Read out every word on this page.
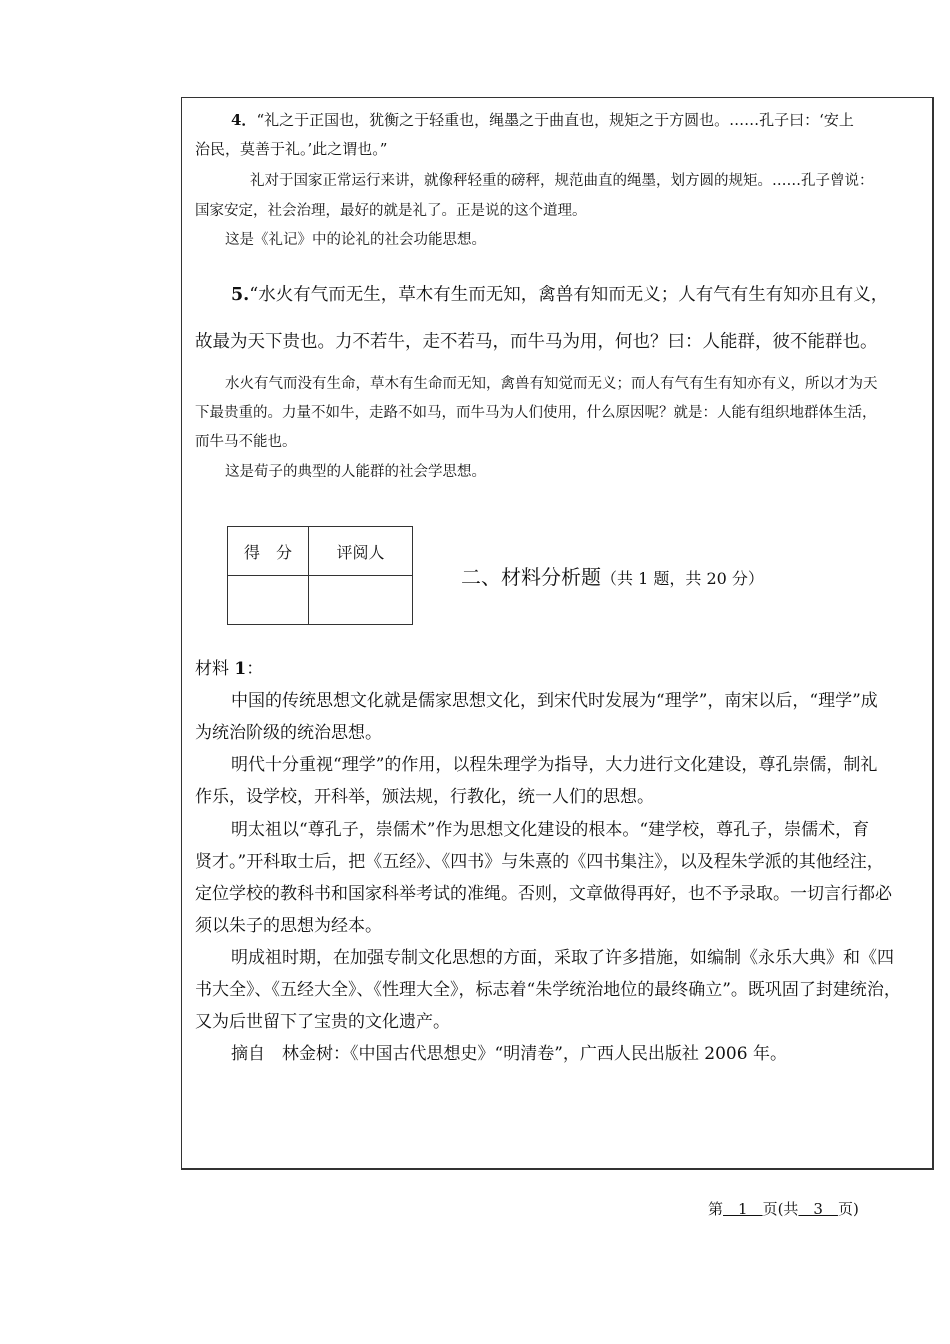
4．“礼之于正国也，犹衡之于轻重也，绳墨之于曲直也，规矩之于方圆也。……孔子曰：‘安上
治民，莫善于礼。’此之谓也。”
礼对于国家正常运行来讲，就像秤轻重的磅秤，规范曲直的绳墨，划方圆的规矩。……孔子曾说：
国家安定，社会治理，最好的就是礼了。正是说的这个道理。
这是《礼记》中的论礼的社会功能思想。
5.“水火有气而无生，草木有生而无知，禽兽有知而无义；人有气有生有知亦且有义，
故最为天下贵也。力不若牛，走不若马，而牛马为用，何也？曰：人能群，彼不能群也。
水火有气而没有生命，草木有生命而无知，禽兽有知觉而无义；而人有气有生有知亦有义，所以才为天
下最贵重的。力量不如牛，走路不如马，而牛马为人们使用，什么原因呢？就是：人能有组织地群体生活，
而牛马不能也。
这是荀子的典型的人能群的社会学思想。
得　分	评阅人

二、材料分析题（共 1 题，共 20 分）
材料 1：
中国的传统思想文化就是儒家思想文化，到宋代时发展为“理学”，南宋以后，“理学”成
为统治阶级的统治思想。
明代十分重视“理学”的作用，以程朱理学为指导，大力进行文化建设，尊孔崇儒，制礼
作乐，设学校，开科举，颁法规，行教化，统一人们的思想。
明太祖以“尊孔子，崇儒术”作为思想文化建设的根本。“建学校，尊孔子，崇儒术，育
贤才。”开科取士后，把《五经》、《四书》与朱熹的《四书集注》，以及程朱学派的其他经注，
定位学校的教科书和国家科举考试的准绳。否则，文章做得再好，也不予录取。一切言行都必
须以朱子的思想为经本。
明成祖时期，在加强专制文化思想的方面，采取了许多措施，如编制《永乐大典》和《四
书大全》、《五经大全》、《性理大全》，标志着“朱学统治地位的最终确立”。既巩固了封建统治，
又为后世留下了宝贵的文化遗产。
摘自　林金树：《中国古代思想史》“明清卷”，广西人民出版社 2006 年。
第　1　页(共　3　页)
